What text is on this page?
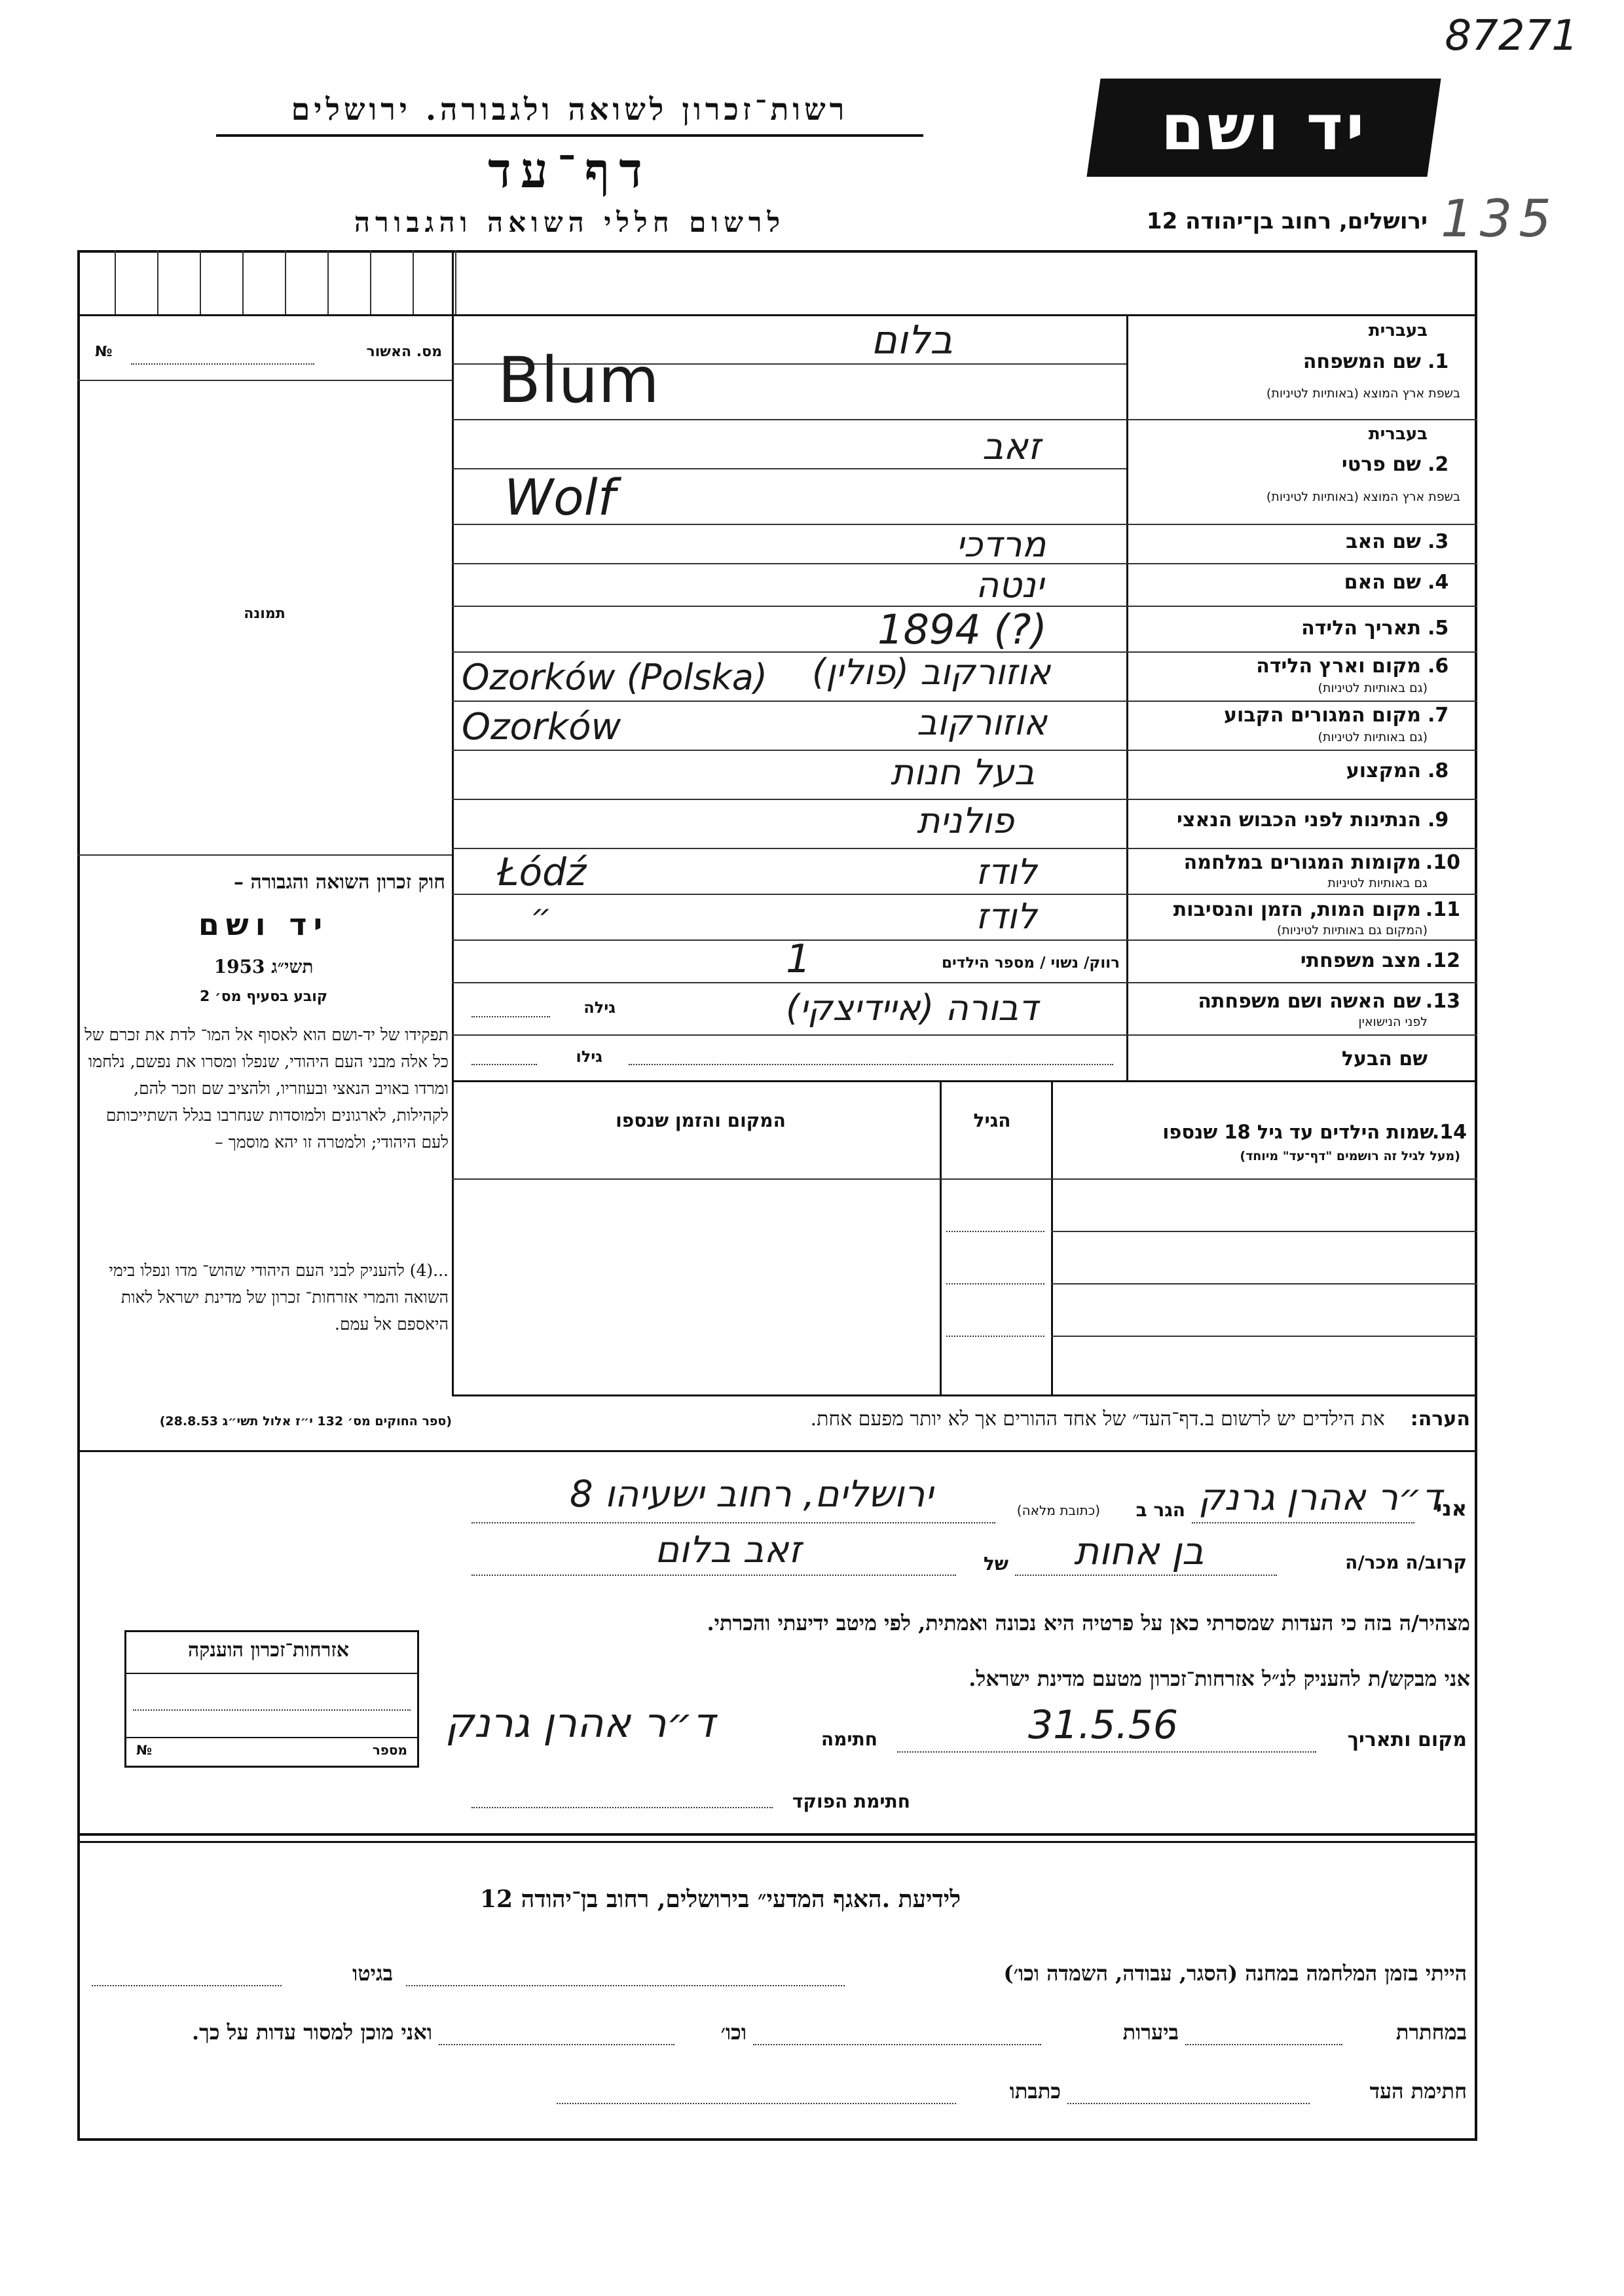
87271
יד ושם
רשות־זכרון לשואה ולגבורה. ירושלים
דף־עד
לרשום חללי השואה והגבורה	ירושלים, רחוב בן־יהודה 12 135
מס. האשור
№
תמונה
חוק זכרון השואה והגבורה –
יד ושם
תשי״ג 1953
קובע בסעיף מס׳ 2
תפקידו של יד-ושם הוא לאסוף אל המו־ לדת את זכרם של כל אלה מבני העם היהודי, שנפלו ומסרו את נפשם, נלחמו ומרדו באויב הנאצי ובעוזריו, ולהציב שם וזכר להם, לקהילות, לארגונים ולמוסדות שנחרבו בגלל השתייכותם לעם היהודי; ולמטרה זו יהא מוסמך –
...(4) להעניק לבני העם היהודי שהוש־ מדו ונפלו בימי השואה והמרי אזרחות־ זכרון של מדינת ישראל לאות היאספם אל עמם.
(ספר החוקים מס׳ 132 י״ז אלול תשי״ג 28.8.53)
אזרחות־זכרון הוענקה
מספר
№
בעברית
שם המשפחה 1.
בשפת ארץ המוצא (באותיות לטיניות)
בלום
Blum
בעברית
שם פרטי 2.
בשפת ארץ המוצא (באותיות לטיניות)
זאב
Wolf
שם האב 3.
מרדכי
שם האם 4.
ינטה
תאריך הלידה 5.
1894 (?)
מקום וארץ הלידה 6.
(גם באותיות לטיניות)
אוזורקוב (פולין)
Ozorków (Polska)
מקום המגורים הקבוע 7.
(גם באותיות לטיניות)
אוזורקוב
Ozorków
המקצוע 8.
בעל חנות
הנתינות לפני הכבוש הנאצי 9.
פולנית
מקומות המגורים במלחמה 10.
גם באותיות לטיניות
לודז
Łódź
מקום המות, הזמן והנסיבות 11.
(המקום גם באותיות לטיניות)
לודז
״
מצב משפחתי 12.
רווק/ נשוי / מספר הילדים
1
שם האשה ושם משפחתה 13.
לפני הנישואין
דבורה (איידיצקי)
גילה
שם הבעל
גילו
שמות הילדים עד גיל 18 שנספו
14.
(מעל לגיל זה רושמים "דף־עד" מיוחד)
הגיל
המקום והזמן שנספו
הערה:  את הילדים יש לרשום ב.דף־העד״ של אחד ההורים אך לא יותר מפעם אחת.
אני
ד״ר אהרן גרנק
הגר ב
(כתובת מלאה)
ירושלים, רחוב ישעיהו 8
קרוב/ה מכר/ה
בן אחות
של
זאב בלום
מצהיר/ה בזה כי העדות שמסרתי כאן על פרטיה היא נכונה ואמתית, לפי מיטב ידיעתי והכרתי.
אני מבקש/ת להעניק לנ״ל אזרחות־זכרון מטעם מדינת ישראל.
מקום ותאריך
31.5.56
חתימה
ד״ר אהרן גרנק
חתימת הפוקד
לידיעת .האגף המדעי״ בירושלים, רחוב בן־יהודה 12
הייתי בזמן המלחמה במחנה (הסגר, עבודה, השמדה וכו׳)
בגיטו
במחתרת
ביערות
וכו׳
ואני מוכן למסור עדות על כך.
חתימת העד
כתבתו
